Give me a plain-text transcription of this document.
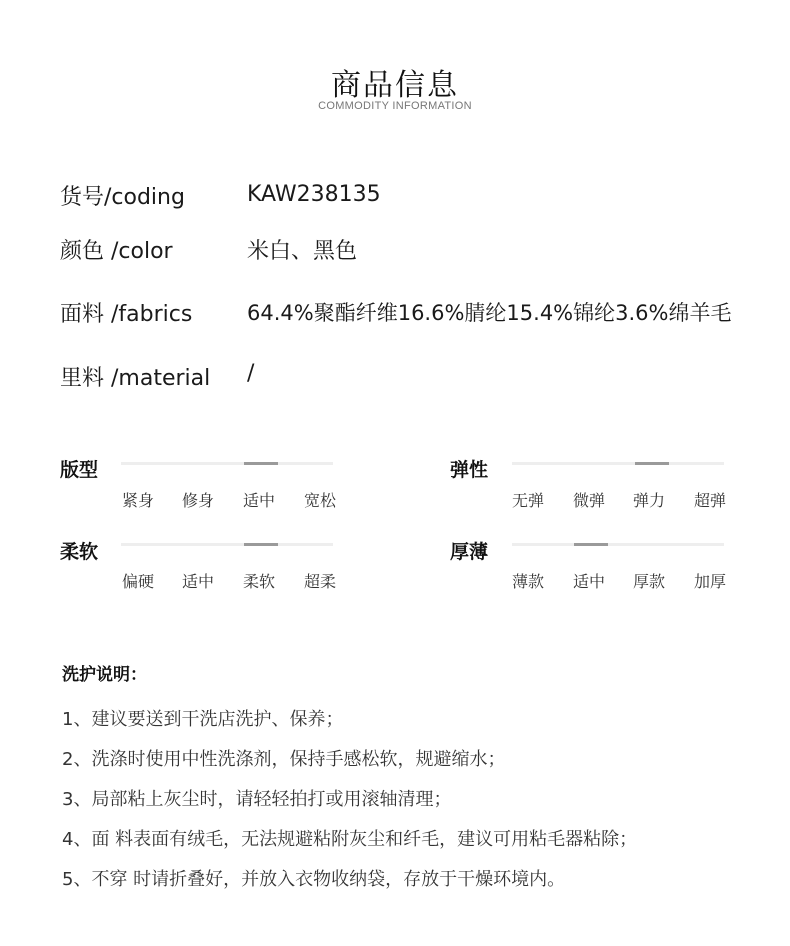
商品信息
COMMODITY INFORMATION
货号/coding	KAW238135
颜色 /color	米白、黑色
面料 /fabrics	64.4%聚酯纤维16.6%腈纶15.4%锦纶3.6%绵羊毛
里料 /material /
版型
紧身	修身	适中	宽松
弹性
无弹	微弹	弹力	超弹
柔软
偏硬	适中	柔软	超柔
厚薄
薄款	适中	厚款	加厚
洗护说明：
1、建议要送到干洗店洗护、保养；
2、洗涤时使用中性洗涤剂，保持手感松软，规避缩水；
3、局部粘上灰尘时，请轻轻拍打或用滚轴清理；
4、面 料表面有绒毛，无法规避粘附灰尘和纤毛，建议可用粘毛器粘除；
5、不穿 时请折叠好，并放入衣物收纳袋，存放于干燥环境内。
